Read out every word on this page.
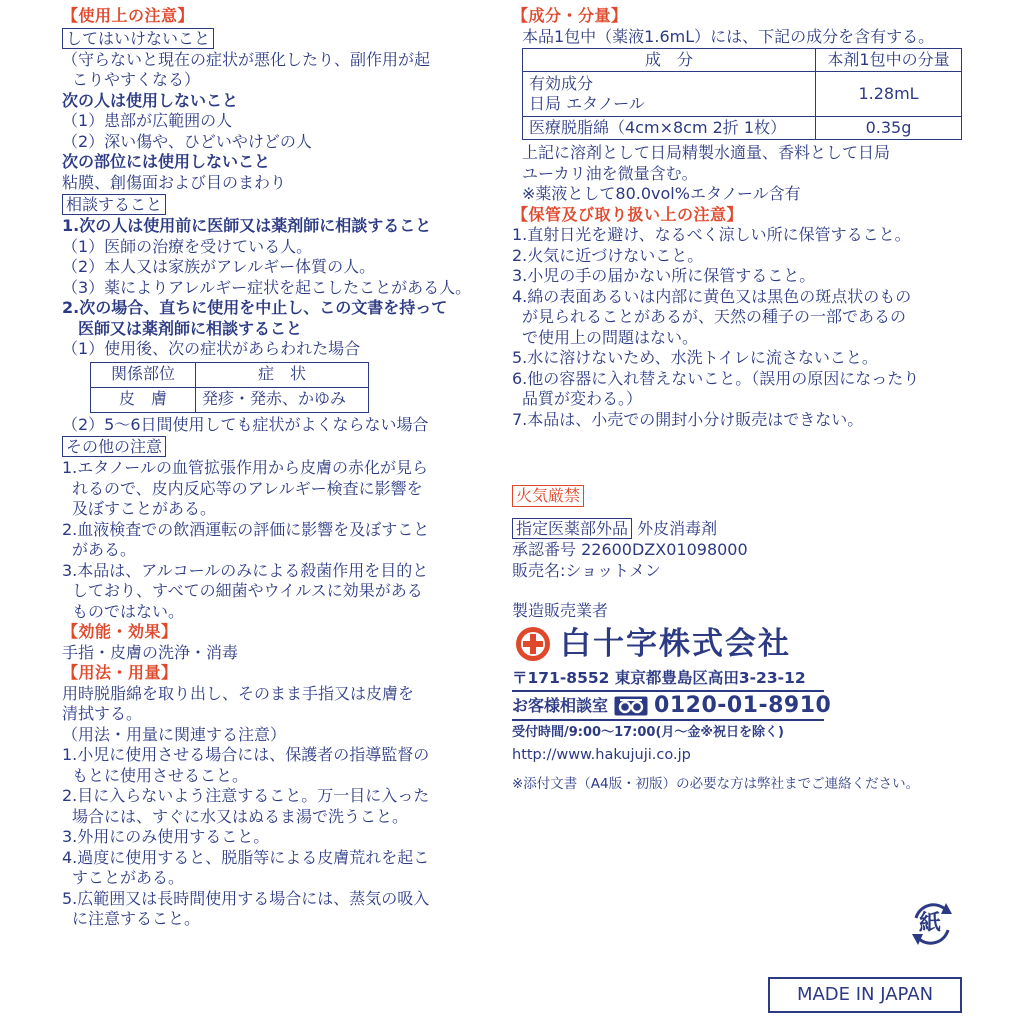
【使用上の注意】

してはいけないこと

（守らないと現在の症状が悪化したり、副作用が起

こりやすくなる）

次の人は使用しないこと

（1）患部が広範囲の人

（2）深い傷や、ひどいやけどの人

次の部位には使用しないこと

粘膜、創傷面および目のまわり

相談すること

1.次の人は使用前に医師又は薬剤師に相談すること

（1）医師の治療を受けている人。

（2）本人又は家族がアレルギー体質の人。

（3）薬によりアレルギー症状を起こしたことがある人。

2.次の場合、直ちに使用を中止し、この文書を持って

医師又は薬剤師に相談すること

（1）使用後、次の症状があらわれた場合

関係部位	症　状
皮　膚	発疹・発赤、かゆみ

（2）5～6日間使用しても症状がよくならない場合

その他の注意

1.エタノールの血管拡張作用から皮膚の赤化が見ら

れるので、皮内反応等のアレルギー検査に影響を

及ぼすことがある。

2.血液検査での飲酒運転の評価に影響を及ぼすこと

がある。

3.本品は、アルコールのみによる殺菌作用を目的と

しており、すべての細菌やウイルスに効果がある

ものではない。

【効能・効果】

手指・皮膚の洗浄・消毒

【用法・用量】

用時脱脂綿を取り出し、そのまま手指又は皮膚を

清拭する。

（用法・用量に関連する注意）

1.小児に使用させる場合には、保護者の指導監督の

もとに使用させること。

2.目に入らないよう注意すること。万一目に入った

場合には、すぐに水又はぬるま湯で洗うこと。

3.外用にのみ使用すること。

4.過度に使用すると、脱脂等による皮膚荒れを起こ

すことがある。

5.広範囲又は長時間使用する場合には、蒸気の吸入

に注意すること。

【成分・分量】

本品1包中（薬液1.6mL）には、下記の成分を含有する。

成　分	本剤1包中の分量

有効成分
日局 エタノール	1.28mL
医療脱脂綿（4cm×8cm 2折 1枚）	0.35g

上記に溶剤として日局精製水適量、香料として日局

ユーカリ油を微量含む。

※薬液として80.0vol%エタノール含有

【保管及び取り扱い上の注意】

1.直射日光を避け、なるべく涼しい所に保管すること。

2.火気に近づけないこと。

3.小児の手の届かない所に保管すること。

4.綿の表面あるいは内部に黄色又は黒色の斑点状のもの

が見られることがあるが、天然の種子の一部であるの

で使用上の問題はない。

5.水に溶けないため、水洗トイレに流さないこと。

6.他の容器に入れ替えないこと。（誤用の原因になったり

品質が変わる。）

7.本品は、小売での開封小分け販売はできない。

火気厳禁

指定医薬部外品 外皮消毒剤

承認番号 22600DZX01098000

販売名:ショットメン

製造販売業者

白十字株式会社

〒171-8552 東京都豊島区高田3-23-12

お客様相談室 0120-01-8910

受付時間/9:00～17:00(月～金※祝日を除く)

http://www.hakujuji.co.jp

※添付文書（A4版・初版）の必要な方は弊社までご連絡ください。

紙
MADE IN JAPAN
